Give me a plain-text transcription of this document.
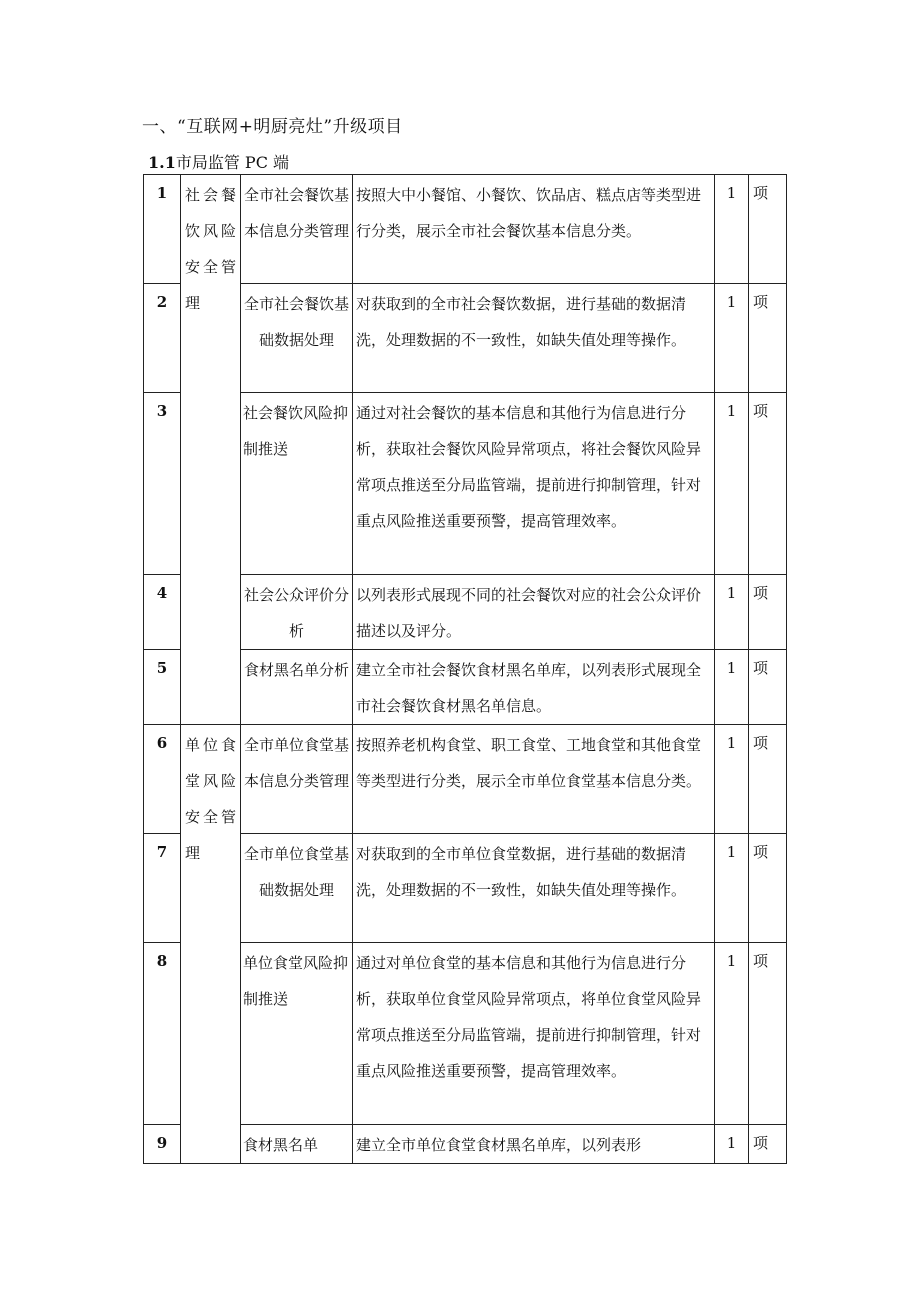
一、“互联网+明厨亮灶”升级项目
1.1市局监管 PC 端
1	社会餐饮风险安全管理	全市社会餐饮基本信息分类管理	按照大中小餐馆、小餐饮、饮品店、糕点店等类型进行分类，展示全市社会餐饮基本信息分类。	1	项
2		全市社会餐饮基础数据处理	对获取到的全市社会餐饮数据，进行基础的数据清洗，处理数据的不一致性，如缺失值处理等操作。	1	项
3		社会餐饮风险抑制推送	通过对社会餐饮的基本信息和其他行为信息进行分析，获取社会餐饮风险异常项点，将社会餐饮风险异常项点推送至分局监管端，提前进行抑制管理，针对重点风险推送重要预警，提高管理效率。	1	项
4		社会公众评价分析	以列表形式展现不同的社会餐饮对应的社会公众评价描述以及评分。	1	项
5		食材黑名单分析	建立全市社会餐饮食材黑名单库，以列表形式展现全市社会餐饮食材黑名单信息。	1	项
6	单位食堂风险安全管理	全市单位食堂基本信息分类管理	按照养老机构食堂、职工食堂、工地食堂和其他食堂等类型进行分类，展示全市单位食堂基本信息分类。	1	项
7		全市单位食堂基础数据处理	对获取到的全市单位食堂数据，进行基础的数据清洗，处理数据的不一致性，如缺失值处理等操作。	1	项
8		单位食堂风险抑制推送	通过对单位食堂的基本信息和其他行为信息进行分析，获取单位食堂风险异常项点，将单位食堂风险异常项点推送至分局监管端，提前进行抑制管理，针对重点风险推送重要预警，提高管理效率。	1	项
9		食材黑名单	建立全市单位食堂食材黑名单库，以列表形	1	项
